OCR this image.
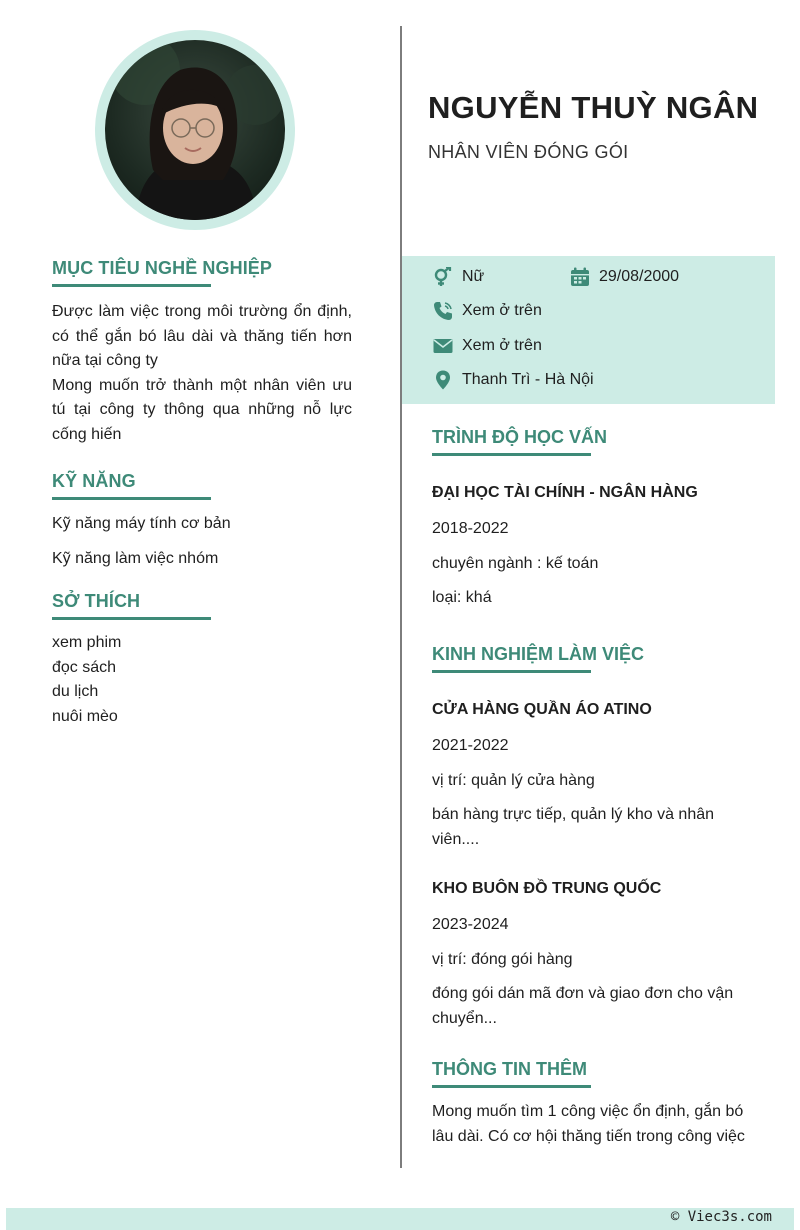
NGUYỄN THUỲ NGÂN

NHÂN VIÊN ĐÓNG GÓI

Nữ	29/08/2000
Xem ở trên
Xem ở trên
Thanh Trì - Hà Nội
MỤC TIÊU NGHỀ NGHIỆP

Được làm việc trong môi trường ổn định, có thể gắn bó lâu dài và thăng tiến hơn nữa tại công ty

Mong muốn trở thành một nhân viên ưu tú tại công ty thông qua những nỗ lực cống hiến

KỸ NĂNG

Kỹ năng máy tính cơ bản

Kỹ năng làm việc nhóm

SỞ THÍCH

xem phim

đọc sách

du lịch

nuôi mèo

TRÌNH ĐỘ HỌC VẤN

ĐẠI HỌC TÀI CHÍNH - NGÂN HÀNG

2018-2022

chuyên ngành : kế toán

loại: khá

KINH NGHIỆM LÀM VIỆC

CỬA HÀNG QUẦN ÁO ATINO

2021-2022

vị trí: quản lý cửa hàng

bán hàng trực tiếp, quản lý kho và nhân viên....

KHO BUÔN ĐỒ TRUNG QUỐC

2023-2024

vị trí: đóng gói hàng

đóng gói dán mã đơn và giao đơn cho vận chuyển...

THÔNG TIN THÊM

Mong muốn tìm 1 công việc ổn định, gắn bó lâu dài. Có cơ hội thăng tiến trong công việc

© Viec3s.com
